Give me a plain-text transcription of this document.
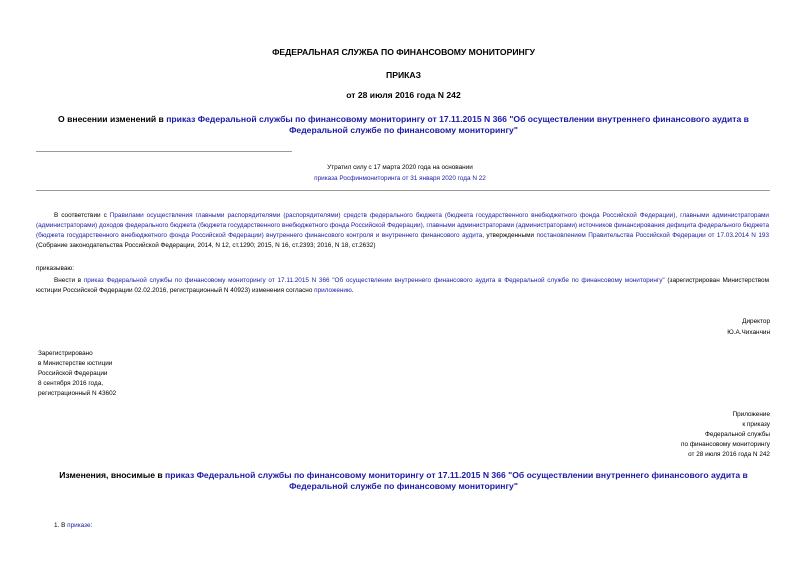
ФЕДЕРАЛЬНАЯ СЛУЖБА ПО ФИНАНСОВОМУ МОНИТОРИНГУ
ПРИКАЗ
от 28 июля 2016 года N 242
О внесении изменений в приказ Федеральной службы по финансовому мониторингу от 17.11.2015 N 366 "Об осуществлении внутреннего финансового аудита в Федеральной службе по финансовому мониторингу"
Утратил силу с 17 марта 2020 года на основании
приказа Росфинмониторинга от 31 января 2020 года N 22
В соответствии с Правилами осуществления главными распорядителями (распорядителями) средств федерального бюджета (бюджета государственного внебюджетного фонда Российской Федерации), главными администраторами (администраторами) доходов федерального бюджета (бюджета государственного внебюджетного фонда Российской Федерации), главными администраторами (администраторами) источников финансирования дефицита федерального бюджета (бюджета государственного внебюджетного фонда Российской Федерации) внутреннего финансового контроля и внутреннего финансового аудита, утвержденными постановлением Правительства Российской Федерации от 17.03.2014 N 193 (Собрание законодательства Российской Федерации, 2014, N 12, ст.1290; 2015, N 16, ст.2393; 2016, N 18, ст.2632)
приказываю:
Внести в приказ Федеральной службы по финансовому мониторингу от 17.11.2015 N 366 "Об осуществлении внутреннего финансового аудита в Федеральной службе по финансовому мониторингу" (зарегистрирован Министерством юстиции Российской Федерации 02.02.2016, регистрационный N 40923) изменения согласно приложению.
Директор
Ю.А.Чиханчин
Зарегистрировано
в Министерстве юстиции
Российской Федерации
8 сентября 2016 года,
регистрационный N 43602
Приложение
к приказу
Федеральной службы
по финансовому мониторингу
от 28 июля 2016 года N 242
Изменения, вносимые в приказ Федеральной службы по финансовому мониторингу от 17.11.2015 N 366 "Об осуществлении внутреннего финансового аудита в Федеральной службе по финансовому мониторингу"
1. В приказе:
